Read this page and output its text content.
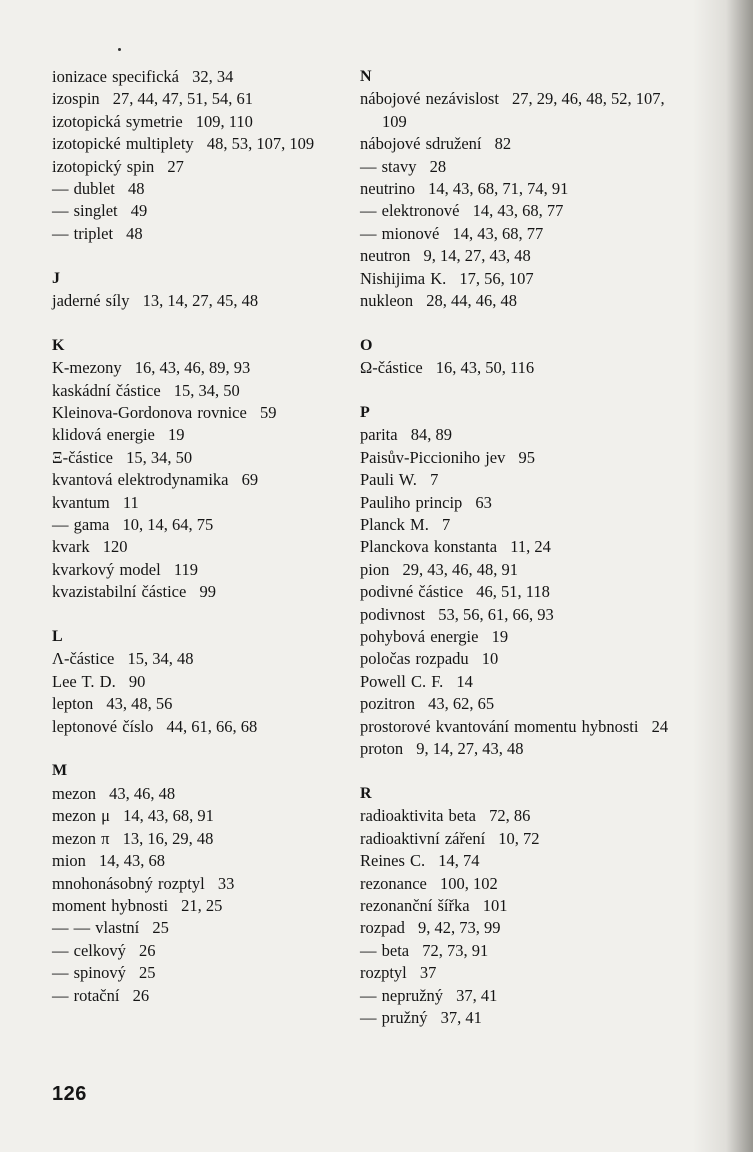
ionizace specifická 32, 34
izospin 27, 44, 47, 51, 54, 61
izotopická symetrie 109, 110
izotopické multiplety 48, 53, 107, 109
izotopický spin 27
— dublet 48
— singlet 49
— triplet 48
J
jaderné síly 13, 14, 27, 45, 48
K
K-mezony 16, 43, 46, 89, 93
kaskádní částice 15, 34, 50
Kleinova-Gordonova rovnice 59
klidová energie 19
Ξ-částice 15, 34, 50
kvantová elektrodynamika 69
kvantum 11
— gama 10, 14, 64, 75
kvark 120
kvarkový model 119
kvazistabilní částice 99
L
Λ-částice 15, 34, 48
Lee T. D. 90
lepton 43, 48, 56
leptonové číslo 44, 61, 66, 68
M
mezon 43, 46, 48
mezon μ 14, 43, 68, 91
mezon π 13, 16, 29, 48
mion 14, 43, 68
mnohonásobný rozptyl 33
moment hybnosti 21, 25
— — vlastní 25
— celkový 26
— spinový 25
— rotační 26
N
nábojové nezávislost 27, 29, 46, 48, 52, 107, 109
nábojové sdružení 82
— stavy 28
neutrino 14, 43, 68, 71, 74, 91
— elektronové 14, 43, 68, 77
— mionové 14, 43, 68, 77
neutron 9, 14, 27, 43, 48
Nishijima K. 17, 56, 107
nukleon 28, 44, 46, 48
O
Ω-částice 16, 43, 50, 116
P
parita 84, 89
Paisův-Piccioniho jev 95
Pauli W. 7
Pauliho princip 63
Planck M. 7
Planckova konstanta 11, 24
pion 29, 43, 46, 48, 91
podivné částice 46, 51, 118
podivnost 53, 56, 61, 66, 93
pohybová energie 19
poločas rozpadu 10
Powell C. F. 14
pozitron 43, 62, 65
prostorové kvantování momentu hybnosti 24
proton 9, 14, 27, 43, 48
R
radioaktivita beta 72, 86
radioaktivní záření 10, 72
Reines C. 14, 74
rezonance 100, 102
rezonanční šířka 101
rozpad 9, 42, 73, 99
— beta 72, 73, 91
rozptyl 37
— nepružný 37, 41
— pružný 37, 41
126
